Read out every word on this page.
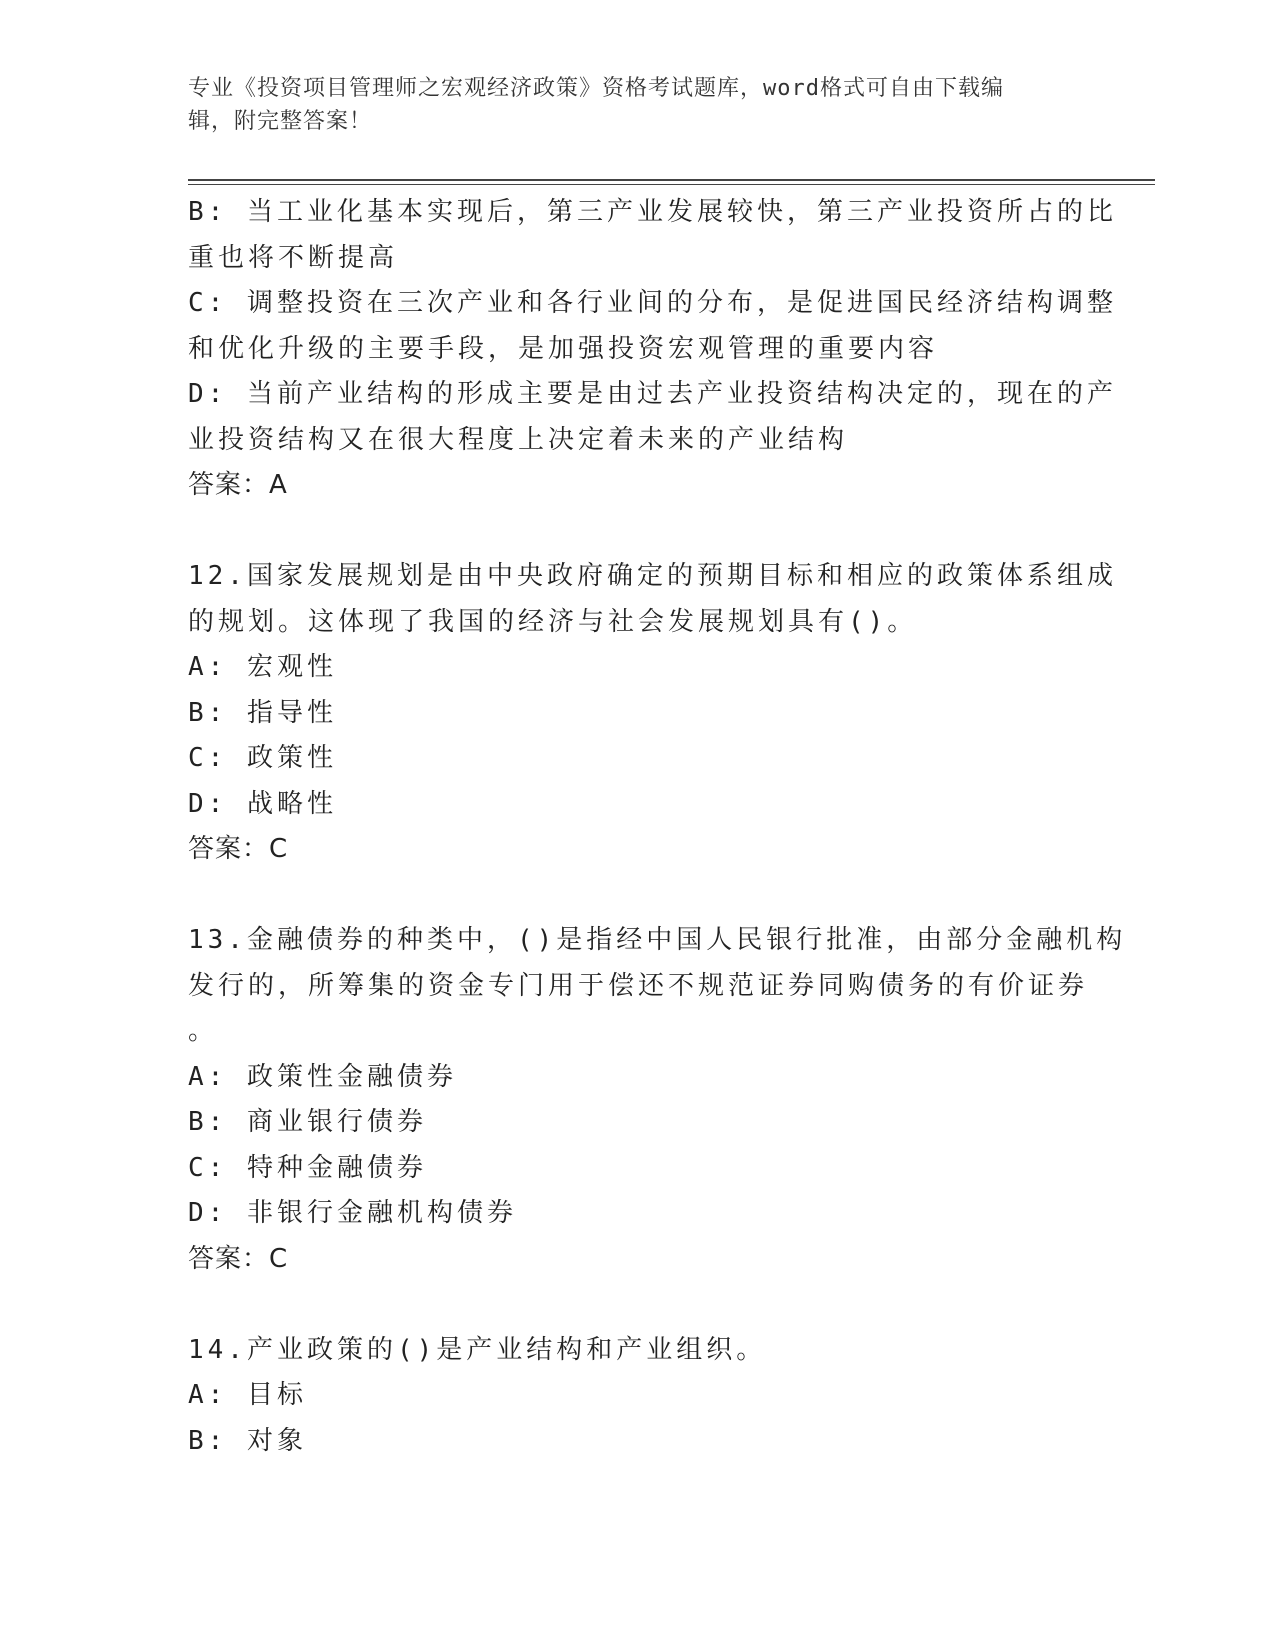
专业《投资项目管理师之宏观经济政策》资格考试题库，word格式可自由下载编
辑，附完整答案！
B: 当工业化基本实现后，第三产业发展较快，第三产业投资所占的比
重也将不断提高
C: 调整投资在三次产业和各行业间的分布，是促进国民经济结构调整
和优化升级的主要手段，是加强投资宏观管理的重要内容
D: 当前产业结构的形成主要是由过去产业投资结构决定的，现在的产
业投资结构又在很大程度上决定着未来的产业结构
答案：A
12.国家发展规划是由中央政府确定的预期目标和相应的政策体系组成
的规划。这体现了我国的经济与社会发展规划具有()。
A: 宏观性
B: 指导性
C: 政策性
D: 战略性
答案：C
13.金融债券的种类中，()是指经中国人民银行批准，由部分金融机构
发行的，所筹集的资金专门用于偿还不规范证券同购债务的有价证券
。
A: 政策性金融债券
B: 商业银行债券
C: 特种金融债券
D: 非银行金融机构债券
答案：C
14.产业政策的()是产业结构和产业组织。
A: 目标
B: 对象
